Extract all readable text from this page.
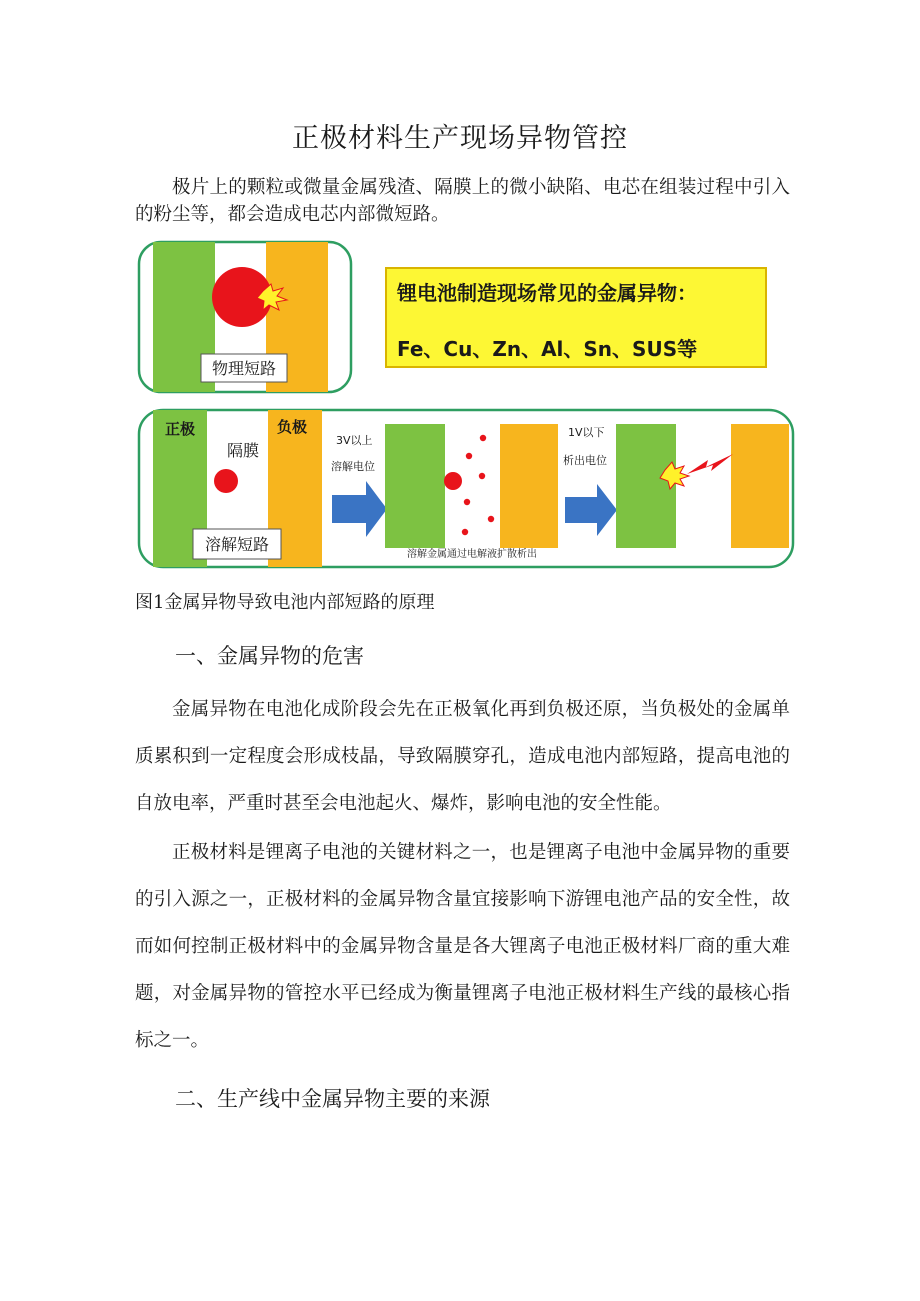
正极材料生产现场异物管控

极片上的颗粒或微量金属残渣、隔膜上的微小缺陷、电芯在组装过程中引入的粉尘等，都会造成电芯内部微短路。

物理短路
锂电池制造现场常见的金属异物：
Fe、Cu、Zn、Al、Sn、SUS等
正极	负极
隔膜
溶解短路
3V以上
溶解电位
溶解金属通过电解液扩散析出
1V以下
析出电位

图1金属异物导致电池内部短路的原理

一、金属异物的危害

金属异物在电池化成阶段会先在正极氧化再到负极还原，当负极处的金属单质累积到一定程度会形成枝晶，导致隔膜穿孔，造成电池内部短路，提高电池的自放电率，严重时甚至会电池起火、爆炸，影响电池的安全性能。

正极材料是锂离子电池的关键材料之一，也是锂离子电池中金属异物的重要的引入源之一，正极材料的金属异物含量宜接影响下游锂电池产品的安全性，故而如何控制正极材料中的金属异物含量是各大锂离子电池正极材料厂商的重大难题，对金属异物的管控水平已经成为衡量锂离子电池正极材料生产线的最核心指标之一。

二、生产线中金属异物主要的来源
